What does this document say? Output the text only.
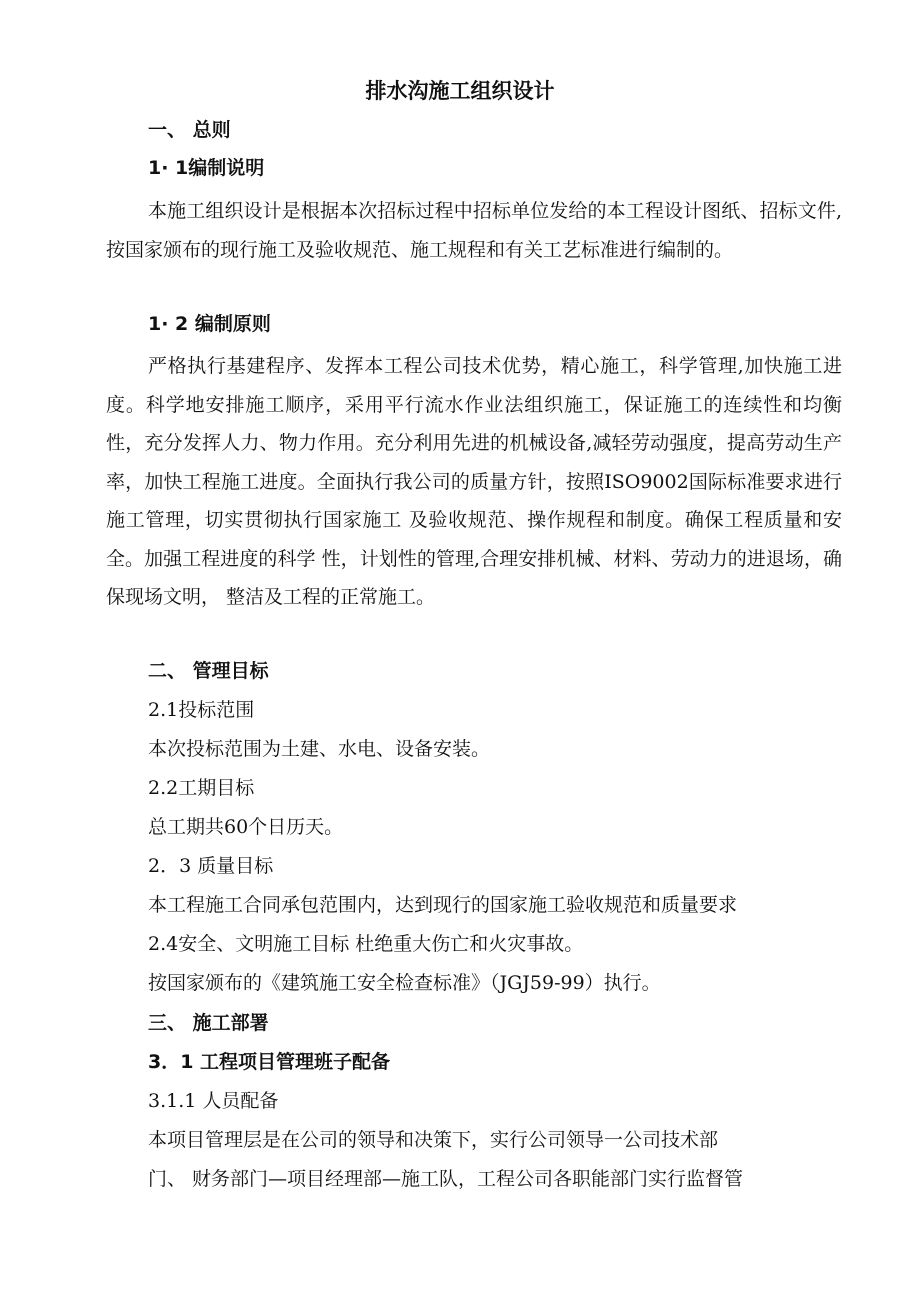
排水沟施工组织设计
一、 总则
1· 1编制说明

本施工组织设计是根据本次招标过程中招标单位发给的本工程设计图纸、招标文件,按国家颁布的现行施工及验收规范、施工规程和有关工艺标准进行编制的。

1· 2 编制原则

严格执行基建程序、发挥本工程公司技术优势，精心施工，科学管理,加快施工进度。科学地安排施工顺序，采用平行流水作业法组织施工，保证施工的连续性和均衡性，充分发挥人力、物力作用。充分利用先进的机械设备,减轻劳动强度，提高劳动生产率，加快工程施工进度。全面执行我公司的质量方针，按照ISO9002国际标准要求进行施工管理，切实贯彻执行国家施工 及验收规范、操作规程和制度。确保工程质量和安全。加强工程进度的科学 性，计划性的管理,合理安排机械、材料、劳动力的进退场，确保现场文明， 整洁及工程的正常施工。

二、 管理目标
2.1投标范围
本次投标范围为土建、水电、设备安装。
2.2工期目标
总工期共60个日历天。
2．3 质量目标
本工程施工合同承包范围内，达到现行的国家施工验收规范和质量要求
2.4安全、文明施工目标 杜绝重大伤亡和火灾事故。
按国家颁布的《建筑施工安全检查标准》（JGJ59-99）执行。
三、 施工部署
3．1 工程项目管理班子配备
3.1.1 人员配备
本项目管理层是在公司的领导和决策下，实行公司领导一公司技术部
门、 财务部门—项目经理部—施工队，工程公司各职能部门实行监督管
